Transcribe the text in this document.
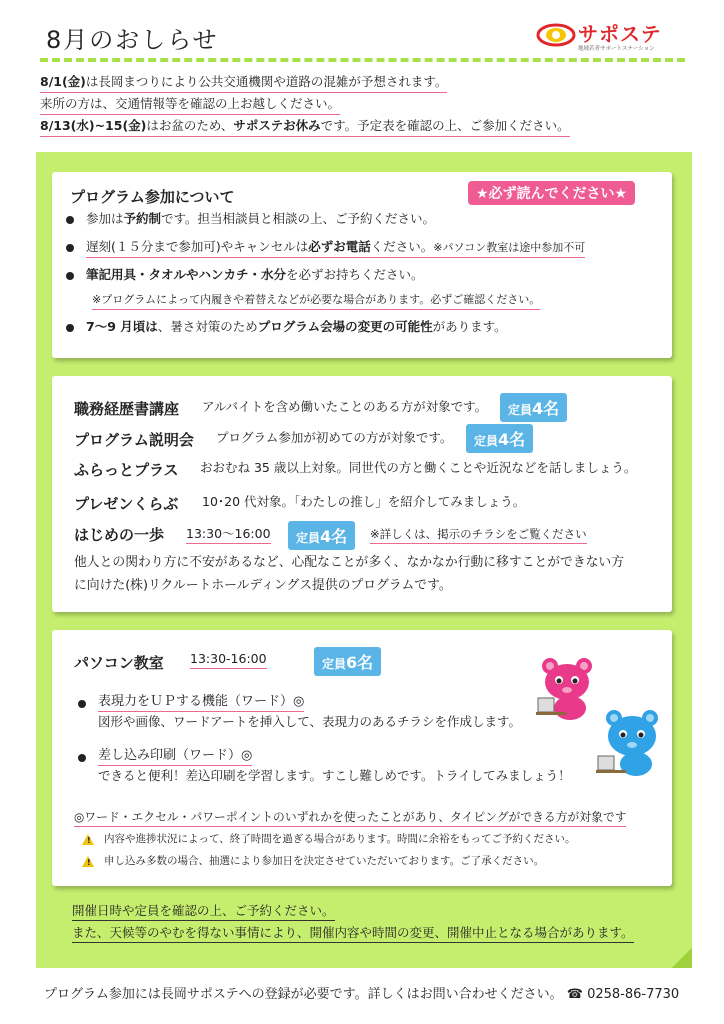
8月のおしらせ	サポステ
地域若者サポートステーション
8/1(金)は長岡まつりにより公共交通機関や道路の混雑が予想されます。
来所の方は、交通情報等を確認の上お越しください。
8/13(水)~15(金)はお盆のため、サポステお休みです。予定表を確認の上、ご参加ください。
プログラム参加について	★必ず読んでください★
参加は予約制です。担当相談員と相談の上、ご予約ください。
遅刻(１５分まで参加可)やキャンセルは必ずお電話ください。※パソコン教室は途中参加不可
筆記用具・タオルやハンカチ・水分を必ずお持ちください。
※プログラムによって内履きや着替えなどが必要な場合があります。必ずご確認ください。
7〜9 月頃は、暑さ対策のためプログラム会場の変更の可能性があります。
職務経歴書講座 アルバイトを含め働いたことのある方が対象です。	定員4名
プログラム説明会 プログラム参加が初めての方が対象です。	定員4名
ふらっとプラス おおむね 35 歳以上対象。同世代の方と働くことや近況などを話しましょう。
プレゼンくらぶ 10･20 代対象。「わたしの推し」を紹介してみましょう。
はじめの一歩 13:30〜16:00	定員4名	※詳しくは、掲示のチラシをご覧ください
他人との関わり方に不安があるなど、心配なことが多く、なかなか行動に移すことができない方
に向けた(株)リクルートホールディングス提供のプログラムです。
パソコン教室 13:30-16:00	定員6名
表現力をＵＰする機能（ワード）◎
図形や画像、ワードアートを挿入して、表現力のあるチラシを作成します。
差し込み印刷（ワード）◎
できると便利！差込印刷を学習します。すこし難しめです。トライしてみましょう！
◎ワード・エクセル・パワーポイントのいずれかを使ったことがあり、タイピングができる方が対象です
! 内容や進捗状況によって、終了時間を過ぎる場合があります。時間に余裕をもってご予約ください。
! 申し込み多数の場合、抽選により参加日を決定させていただいております。ご了承ください。
開催日時や定員を確認の上、ご予約ください。
また、天候等のやむを得ない事情により、開催内容や時間の変更、開催中止となる場合があります。
プログラム参加には長岡サポステへの登録が必要です。詳しくはお問い合わせください。 ☎ 0258-86-7730
